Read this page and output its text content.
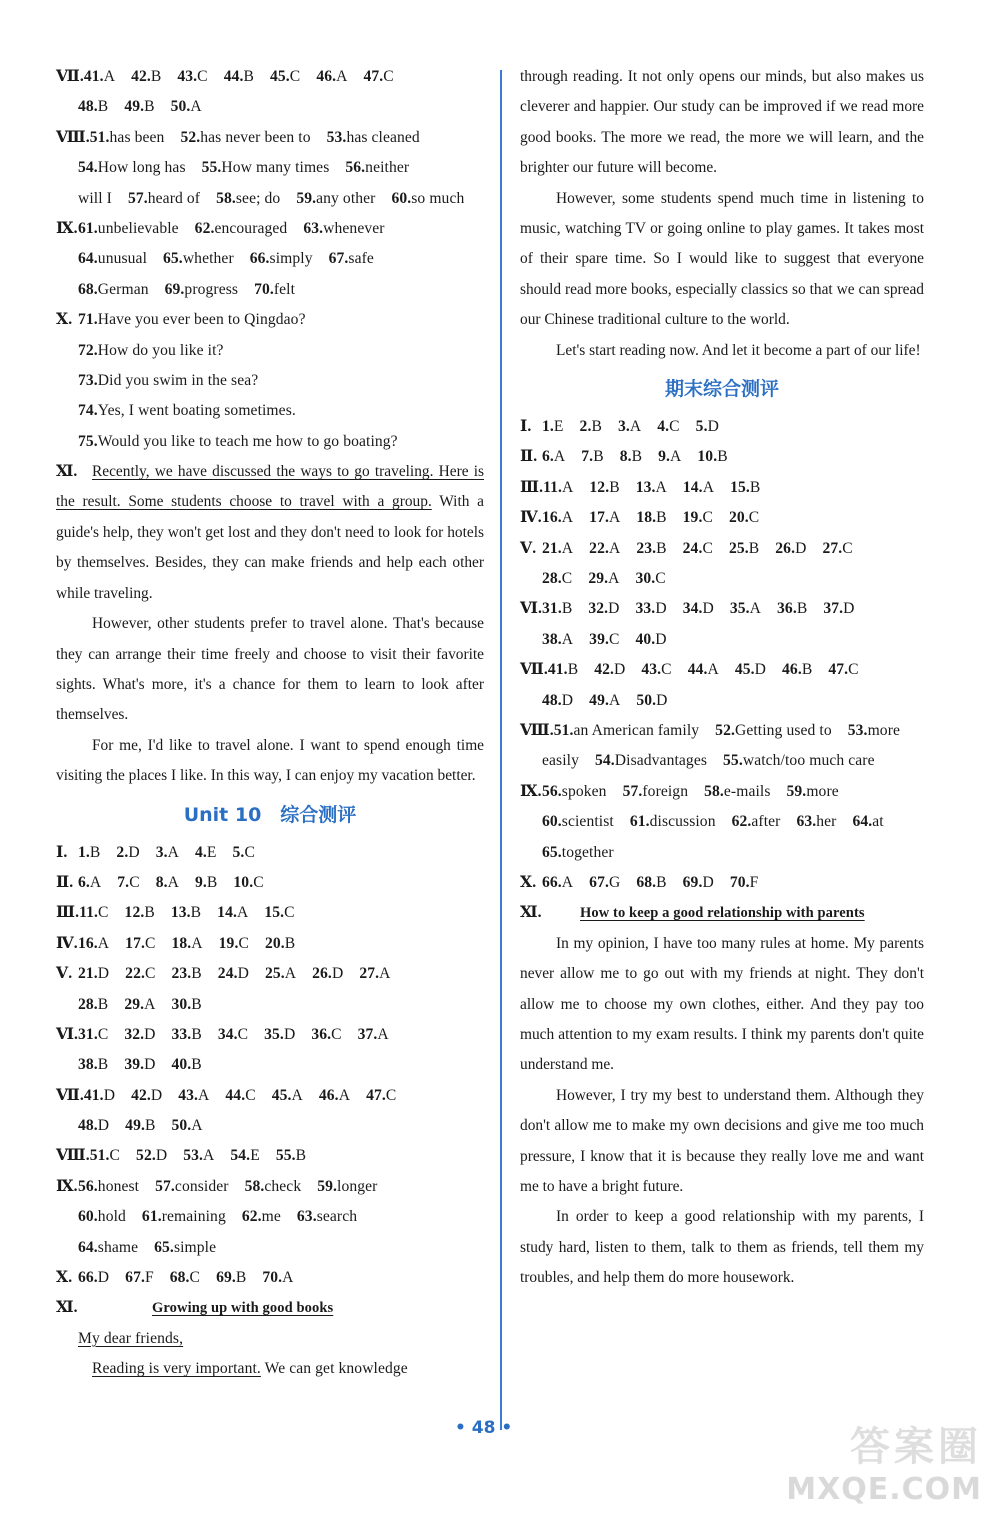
Ⅶ.41.A 42.B 43.C 44.B 45.C 46.A 47.C
48.B 49.B 50.A
Ⅷ.51.has been 52.has never been to 53.has cleaned
54.How long has 55.How many times 56.neither
will I 57.heard of 58.see; do 59.any other 60.so much
Ⅸ.61.unbelievable 62.encouraged 63.whenever
64.unusual 65.whether 66.simply 67.safe
68.German 69.progress 70.felt
Ⅹ. 71.Have you ever been to Qingdao?
72.How do you like it?
73.Did you swim in the sea?
74.Yes, I went boating sometimes.
75.Would you like to teach me how to go boating?

Ⅺ. Recently, we have discussed the ways to go traveling. Here is the result. Some students choose to travel with a group. With a guide's help, they won't get lost and they don't need to look for hotels by themselves. Besides, they can make friends and help each other while traveling.

However, other students prefer to travel alone. That's because they can arrange their time freely and choose to visit their favorite sights. What's more, it's a chance for them to learn to look after themselves.

For me, I'd like to travel alone. I want to spend enough time visiting the places I like. In this way, I can enjoy my vacation better.

Unit 10　综合测评
Ⅰ. 1.B 2.D 3.A 4.E 5.C
Ⅱ. 6.A 7.C 8.A 9.B 10.C
Ⅲ.11.C 12.B 13.B 14.A 15.C
Ⅳ.16.A 17.C 18.A 19.C 20.B
Ⅴ. 21.D 22.C 23.B 24.D 25.A 26.D 27.A
28.B 29.A 30.B
Ⅵ.31.C 32.D 33.B 34.C 35.D 36.C 37.A
38.B 39.D 40.B
Ⅶ.41.D 42.D 43.A 44.C 45.A 46.A 47.C
48.D 49.B 50.A
Ⅷ.51.C 52.D 53.A 54.E 55.B
Ⅸ.56.honest 57.consider 58.check 59.longer
60.hold 61.remaining 62.me 63.search
64.shame 65.simple
Ⅹ. 66.D 67.F 68.C 69.B 70.A
Ⅺ.	Growing up with good books
My dear friends,
Reading is very important. We can get knowledge

through reading. It not only opens our minds, but also makes us cleverer and happier. Our study can be improved if we read more good books. The more we read, the more we will learn, and the brighter our future will become.

However, some students spend much time in listening to music, watching TV or going online to play games. It takes most of their spare time. So I would like to suggest that everyone should read more books, especially classics so that we can spread our Chinese traditional culture to the world.

Let's start reading now. And let it become a part of our life!

期末综合测评
Ⅰ. 1.E 2.B 3.A 4.C 5.D
Ⅱ. 6.A 7.B 8.B 9.A 10.B
Ⅲ.11.A 12.B 13.A 14.A 15.B
Ⅳ.16.A 17.A 18.B 19.C 20.C
Ⅴ. 21.A 22.A 23.B 24.C 25.B 26.D 27.C
28.C 29.A 30.C
Ⅵ.31.B 32.D 33.D 34.D 35.A 36.B 37.D
38.A 39.C 40.D
Ⅶ.41.B 42.D 43.C 44.A 45.D 46.B 47.C
48.D 49.A 50.D
Ⅷ.51.an American family 52.Getting used to 53.more
easily 54.Disadvantages 55.watch/too much care
Ⅸ.56.spoken 57.foreign 58.e-mails 59.more
60.scientist 61.discussion 62.after 63.her 64.at
65.together
Ⅹ. 66.A 67.G 68.B 69.D 70.F
Ⅺ.	How to keep a good relationship with parents

In my opinion, I have too many rules at home. My parents never allow me to go out with my friends at night. They don't allow me to choose my own clothes, either. And they pay too much attention to my exam results. I think my parents don't quite understand me.

However, I try my best to understand them. Although they don't allow me to make my own decisions and give me too much pressure, I know that it is because they really love me and want me to have a bright future.

In order to keep a good relationship with my parents, I study hard, listen to them, talk to them as friends, tell them my troubles, and help them do more housework.

• 48 •	答案圈
MXQE.COM
